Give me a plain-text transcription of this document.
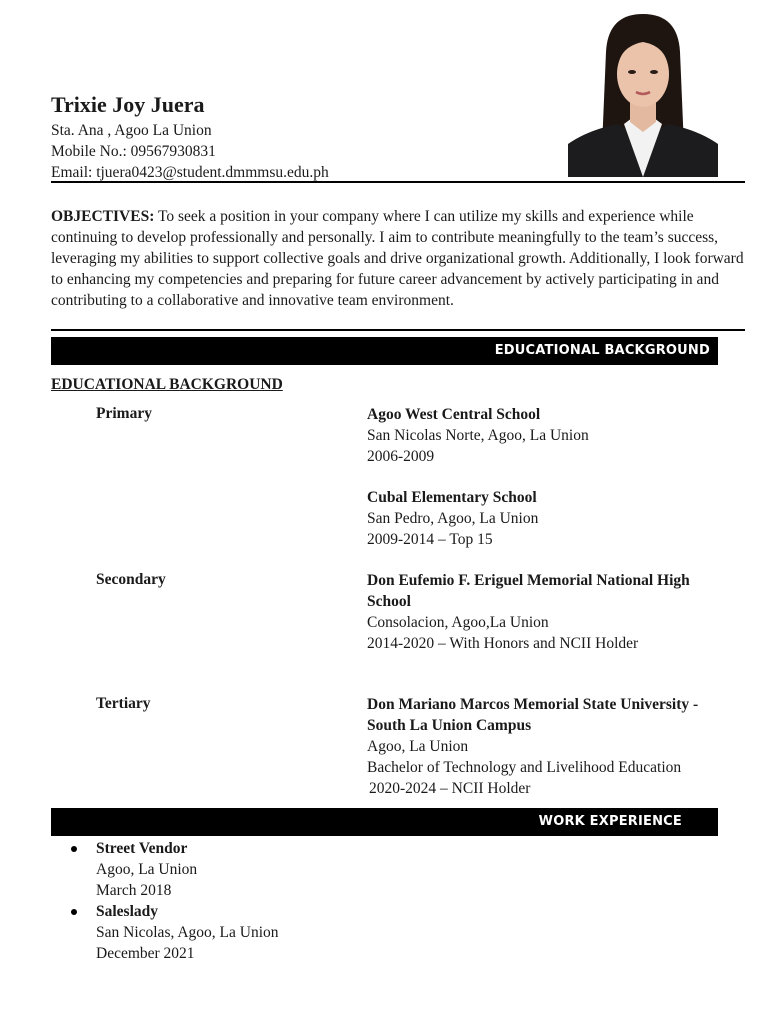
Trixie Joy Juera
Sta. Ana , Agoo La Union
Mobile No.: 09567930831
Email: tjuera0423@student.dmmmsu.edu.ph
OBJECTIVES: To seek a position in your company where I can utilize my skills and experience while continuing to develop professionally and personally. I aim to contribute meaningfully to the team’s success, leveraging my abilities to support collective goals and drive organizational growth. Additionally, I look forward to enhancing my competencies and preparing for future career advancement by actively participating in and contributing to a collaborative and innovative team environment.
EDUCATIONAL BACKGROUND
EDUCATIONAL BACKGROUND
Primary
Secondary
Tertiary
Agoo West Central School
San Nicolas Norte, Agoo, La Union
2006-2009
Cubal Elementary School
San Pedro, Agoo, La Union
2009-2014 – Top 15
Don Eufemio F. Eriguel Memorial National High School
Consolacion, Agoo,La Union
2014-2020 – With Honors and NCII Holder
Don Mariano Marcos Memorial State University -South La Union Campus
Agoo, La Union
Bachelor of Technology and Livelihood Education
2020-2024 – NCII Holder
WORK EXPERIENCE
Street Vendor
Agoo, La Union
March 2018
Saleslady
San Nicolas, Agoo, La Union
December 2021
